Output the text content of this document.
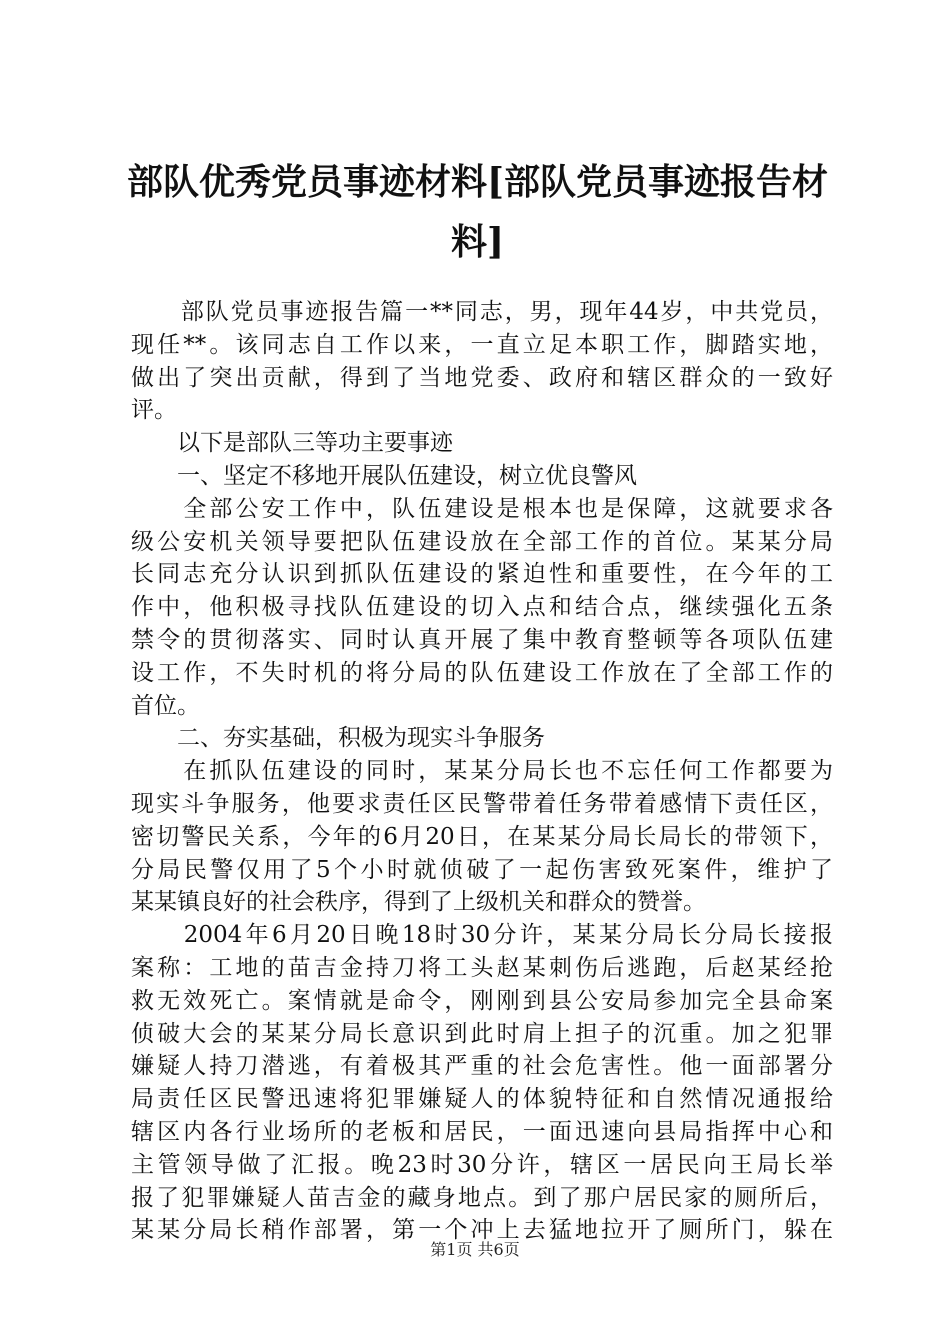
部队优秀党员事迹材料[部队党员事迹报告材
料]
　　部队党员事迹报告篇一**同志，男，现年44岁，中共党员，
现任**。该同志自工作以来，一直立足本职工作，脚踏实地，
做出了突出贡献，得到了当地党委、政府和辖区群众的一致好
评。
　　以下是部队三等功主要事迹
　　一、坚定不移地开展队伍建设，树立优良警风
　　全部公安工作中，队伍建设是根本也是保障，这就要求各
级公安机关领导要把队伍建设放在全部工作的首位。某某分局
长同志充分认识到抓队伍建设的紧迫性和重要性，在今年的工
作中，他积极寻找队伍建设的切入点和结合点，继续强化五条
禁令的贯彻落实、同时认真开展了集中教育整顿等各项队伍建
设工作，不失时机的将分局的队伍建设工作放在了全部工作的
首位。
　　二、夯实基础，积极为现实斗争服务
　　在抓队伍建设的同时，某某分局长也不忘任何工作都要为
现实斗争服务，他要求责任区民警带着任务带着感情下责任区，
密切警民关系，今年的6月20日，在某某分局长局长的带领下，
分局民警仅用了5个小时就侦破了一起伤害致死案件，维护了
某某镇良好的社会秩序，得到了上级机关和群众的赞誉。
　　2004年6月20日晚18时30分许，某某分局长分局长接报
案称：工地的苗吉金持刀将工头赵某刺伤后逃跑，后赵某经抢
救无效死亡。案情就是命令，刚刚到县公安局参加完全县命案
侦破大会的某某分局长意识到此时肩上担子的沉重。加之犯罪
嫌疑人持刀潜逃，有着极其严重的社会危害性。他一面部署分
局责任区民警迅速将犯罪嫌疑人的体貌特征和自然情况通报给
辖区内各行业场所的老板和居民，一面迅速向县局指挥中心和
主管领导做了汇报。晚23时30分许，辖区一居民向王局长举
报了犯罪嫌疑人苗吉金的藏身地点。到了那户居民家的厕所后，
某某分局长稍作部署，第一个冲上去猛地拉开了厕所门，躲在
第1页 共6页
